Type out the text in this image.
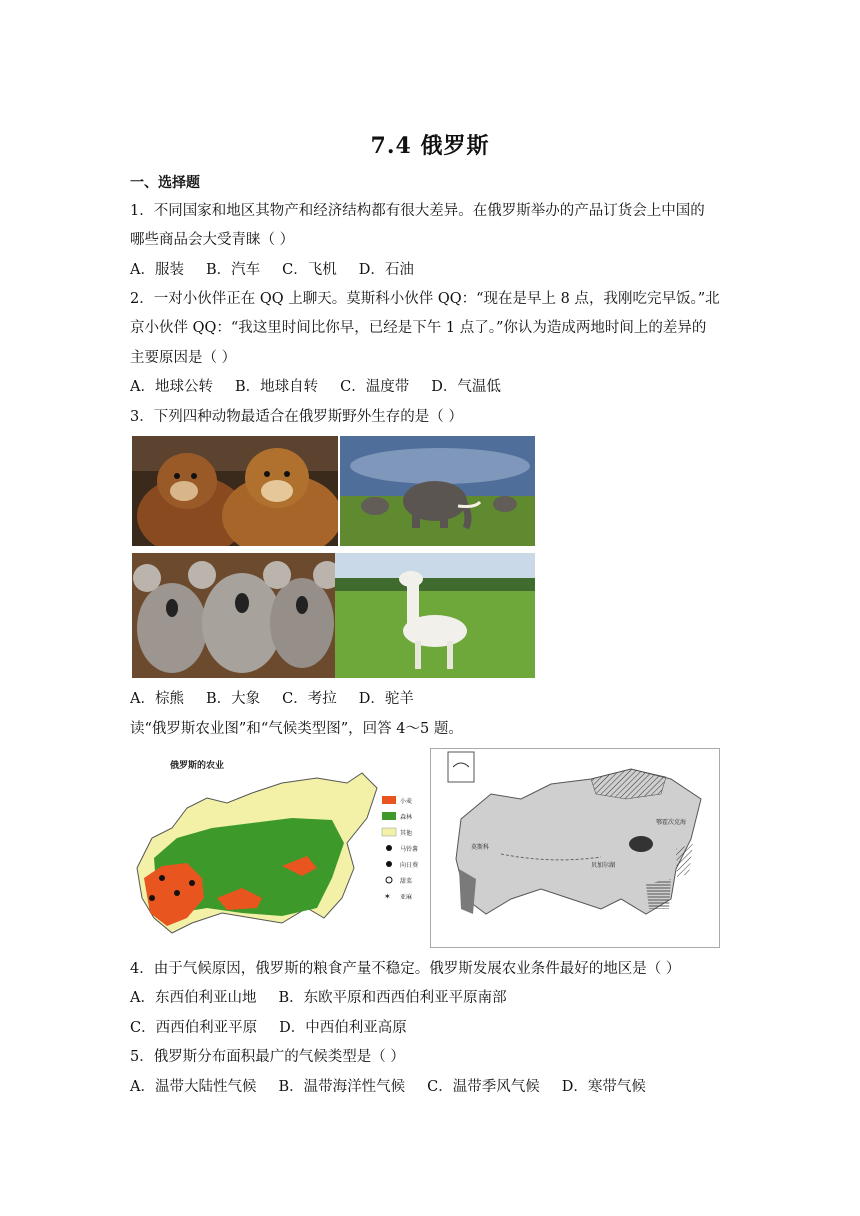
7.4 俄罗斯
一、选择题
1．不同国家和地区其物产和经济结构都有很大差异。在俄罗斯举办的产品订货会上中国的
哪些商品会大受青睐（ ）
A．服装 B．汽车 C．飞机 D．石油
2．一对小伙伴正在 QQ 上聊天。莫斯科小伙伴 QQ：“现在是早上 8 点，我刚吃完早饭。”北
京小伙伴 QQ：“我这里时间比你早，已经是下午 1 点了。”你认为造成两地时间上的差异的
主要原因是（ ）
A．地球公转 B．地球自转 C．温度带 D．气温低
3．下列四种动物最适合在俄罗斯野外生存的是（ ）
A．棕熊 B．大象 C．考拉 D．驼羊
读“俄罗斯农业图”和“气候类型图”，回答 4～5 题。
俄罗斯的农业
小麦
森林
其他
马铃薯
向日葵
甜菜
✶ 亚麻
莫斯科
贝加尔湖
鄂霍次克海
4．由于气候原因，俄罗斯的粮食产量不稳定。俄罗斯发展农业条件最好的地区是（ ）
A．东西伯利亚山地 B．东欧平原和西西伯利亚平原南部
C．西西伯利亚平原 D．中西伯利亚高原
5．俄罗斯分布面积最广的气候类型是（ ）
A．温带大陆性气候 B．温带海洋性气候 C．温带季风气候 D．寒带气候
